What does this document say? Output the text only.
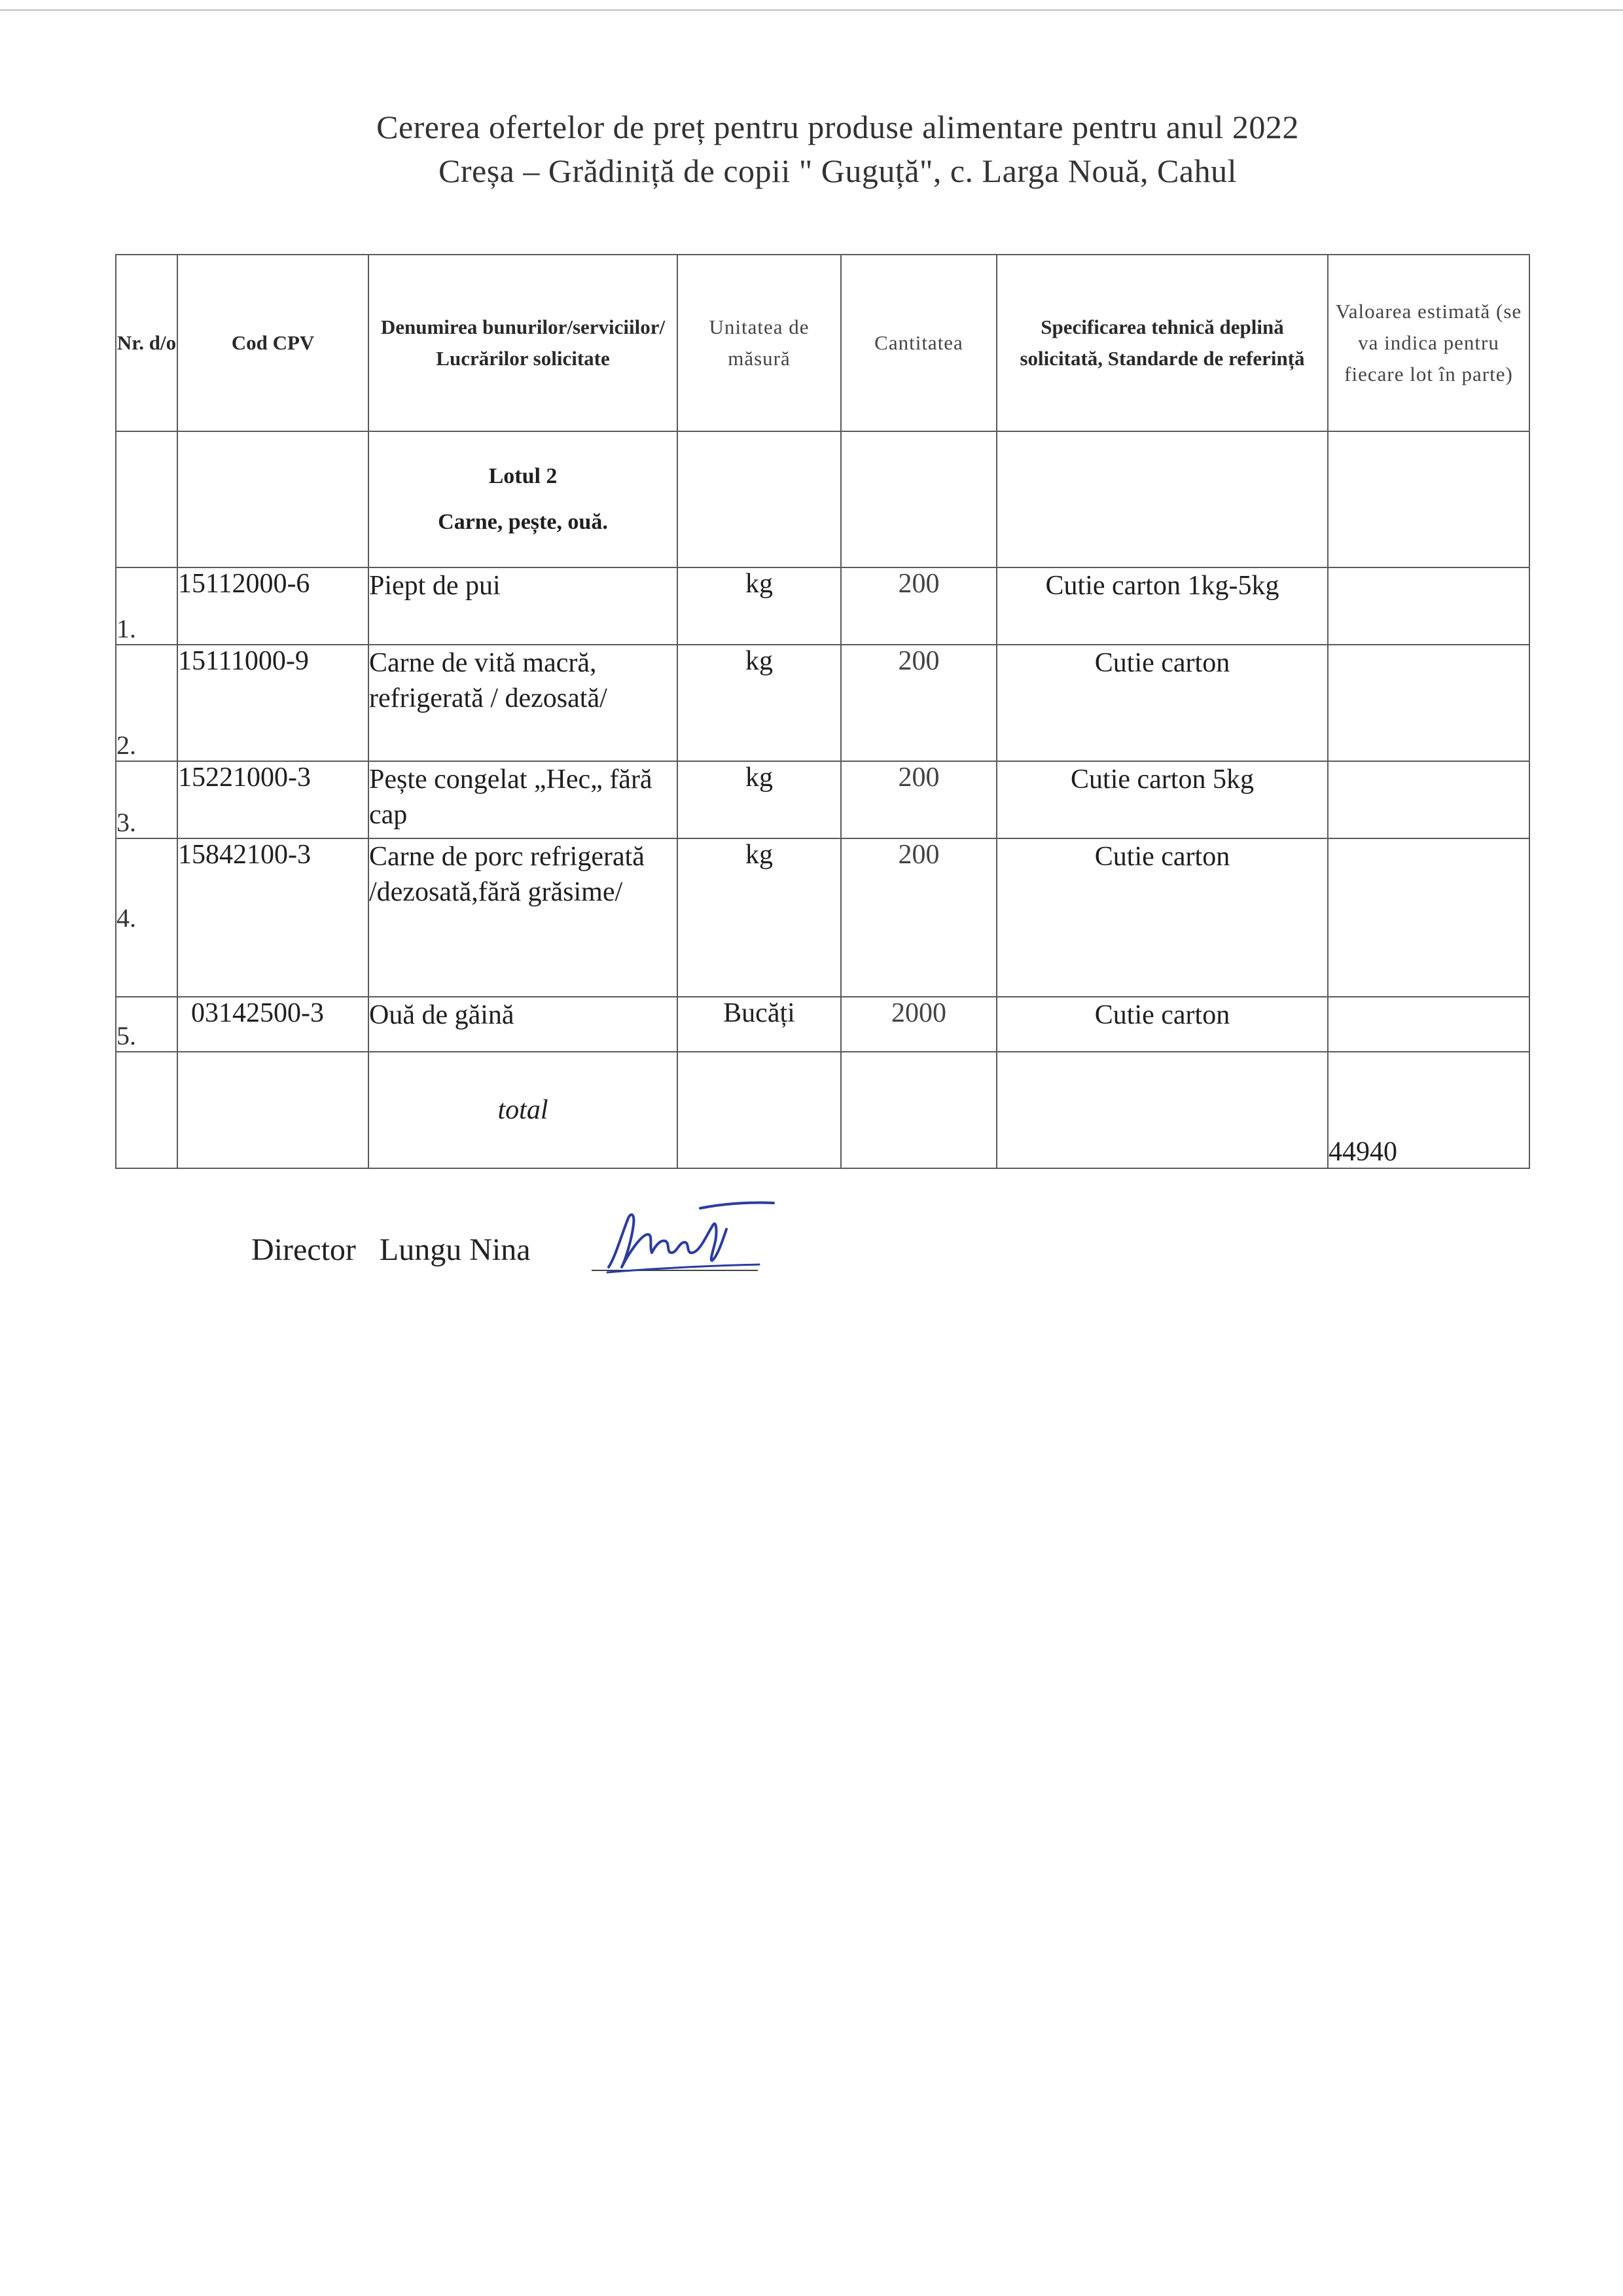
Cererea ofertelor de preț pentru produse alimentare pentru anul 2022
Creșa – Grădiniță de copii " Guguță", c. Larga Nouă, Cahul
Nr. d/o	Cod CPV	Denumirea bunurilor/serviciilor/ Lucrărilor solicitate	Unitatea de măsură	Cantitatea	Specificarea tehnică deplină solicitată, Standarde de referință	Valoarea estimată (se va indica pentru fiecare lot în parte)

		Lotul 2
Carne, pește, ouă.				

1.	15112000-6	Piept de pui	kg	200	Cutie carton 1kg-5kg	
2.	15111000-9	Carne de vită macră, refrigerată / dezosată/	kg	200	Cutie carton	
3.	15221000-3	Pește congelat „Hec„ fără cap	kg	200	Cutie carton 5kg	
4.	15842100-3	Carne de porc refrigerată /dezosată,fără grăsime/	kg	200	Cutie carton	
5.	03142500-3	Ouă de găină	Bucăți	2000	Cutie carton	
		total				44940
Director   Lungu Nina
